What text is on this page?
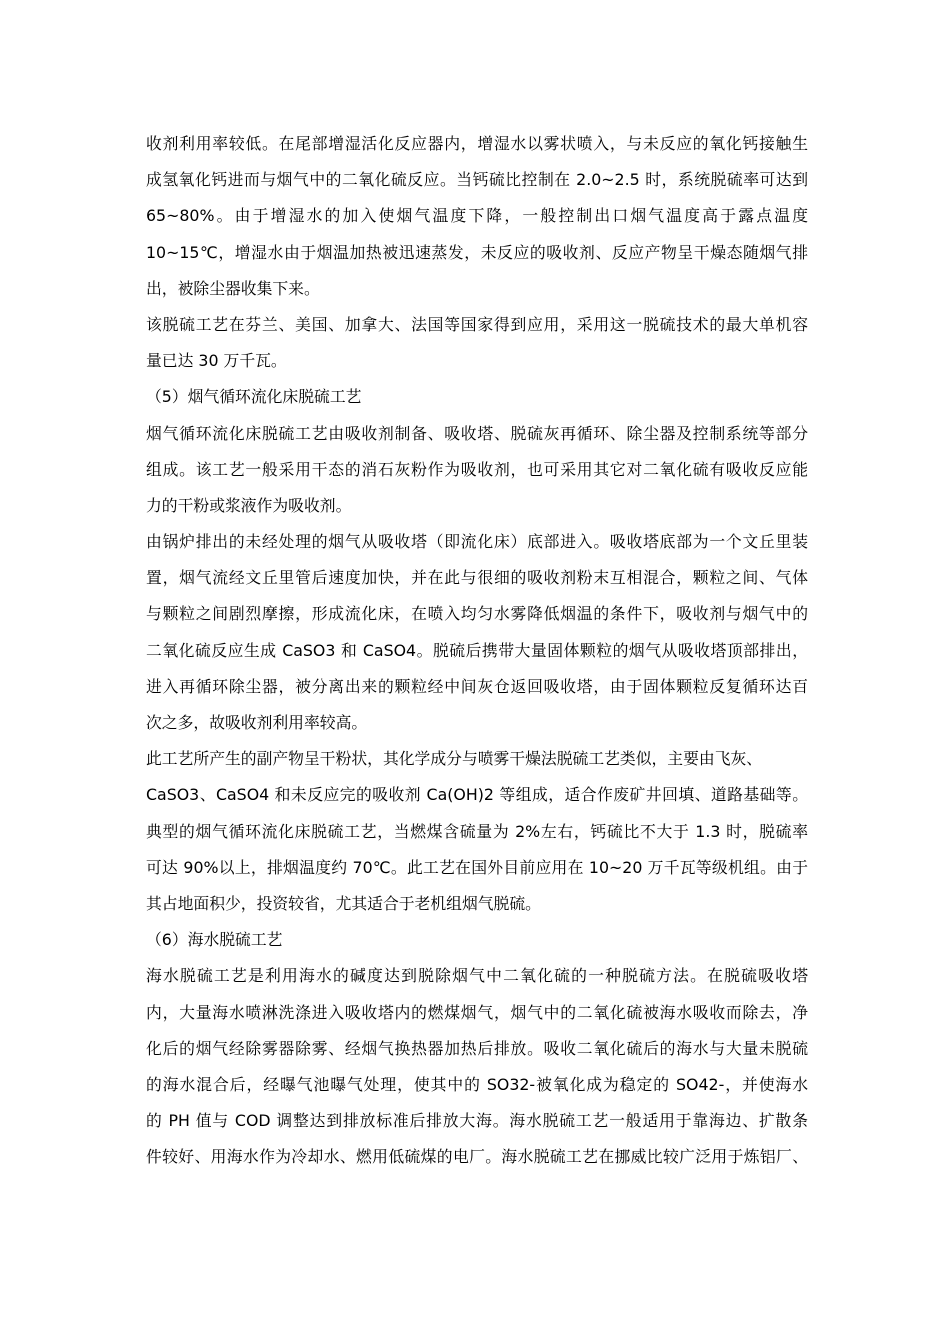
收剂利用率较低。在尾部增湿活化反应器内，增湿水以雾状喷入，与未反应的氧化钙接触生
成氢氧化钙进而与烟气中的二氧化硫反应。当钙硫比控制在 2.0~2.5 时，系统脱硫率可达到
65~80%。由于增湿水的加入使烟气温度下降，一般控制出口烟气温度高于露点温度
10~15℃，增湿水由于烟温加热被迅速蒸发，未反应的吸收剂、反应产物呈干燥态随烟气排
出，被除尘器收集下来。
该脱硫工艺在芬兰、美国、加拿大、法国等国家得到应用，采用这一脱硫技术的最大单机容
量已达 30 万千瓦。
（5）烟气循环流化床脱硫工艺
烟气循环流化床脱硫工艺由吸收剂制备、吸收塔、脱硫灰再循环、除尘器及控制系统等部分
组成。该工艺一般采用干态的消石灰粉作为吸收剂，也可采用其它对二氧化硫有吸收反应能
力的干粉或浆液作为吸收剂。
由锅炉排出的未经处理的烟气从吸收塔（即流化床）底部进入。吸收塔底部为一个文丘里装
置，烟气流经文丘里管后速度加快，并在此与很细的吸收剂粉末互相混合，颗粒之间、气体
与颗粒之间剧烈摩擦，形成流化床，在喷入均匀水雾降低烟温的条件下，吸收剂与烟气中的
二氧化硫反应生成 CaSO3 和 CaSO4。脱硫后携带大量固体颗粒的烟气从吸收塔顶部排出，
进入再循环除尘器，被分离出来的颗粒经中间灰仓返回吸收塔，由于固体颗粒反复循环达百
次之多，故吸收剂利用率较高。
此工艺所产生的副产物呈干粉状，其化学成分与喷雾干燥法脱硫工艺类似，主要由飞灰、
CaSO3、CaSO4 和未反应完的吸收剂 Ca(OH)2 等组成，适合作废矿井回填、道路基础等。
典型的烟气循环流化床脱硫工艺，当燃煤含硫量为 2%左右，钙硫比不大于 1.3 时，脱硫率
可达 90%以上，排烟温度约 70℃。此工艺在国外目前应用在 10~20 万千瓦等级机组。由于
其占地面积少，投资较省，尤其适合于老机组烟气脱硫。
（6）海水脱硫工艺
海水脱硫工艺是利用海水的碱度达到脱除烟气中二氧化硫的一种脱硫方法。在脱硫吸收塔
内，大量海水喷淋洗涤进入吸收塔内的燃煤烟气，烟气中的二氧化硫被海水吸收而除去，净
化后的烟气经除雾器除雾、经烟气换热器加热后排放。吸收二氧化硫后的海水与大量未脱硫
的海水混合后，经曝气池曝气处理，使其中的 SO32-被氧化成为稳定的 SO42-，并使海水
的 PH 值与 COD 调整达到排放标准后排放大海。海水脱硫工艺一般适用于靠海边、扩散条
件较好、用海水作为冷却水、燃用低硫煤的电厂。海水脱硫工艺在挪威比较广泛用于炼铝厂、
